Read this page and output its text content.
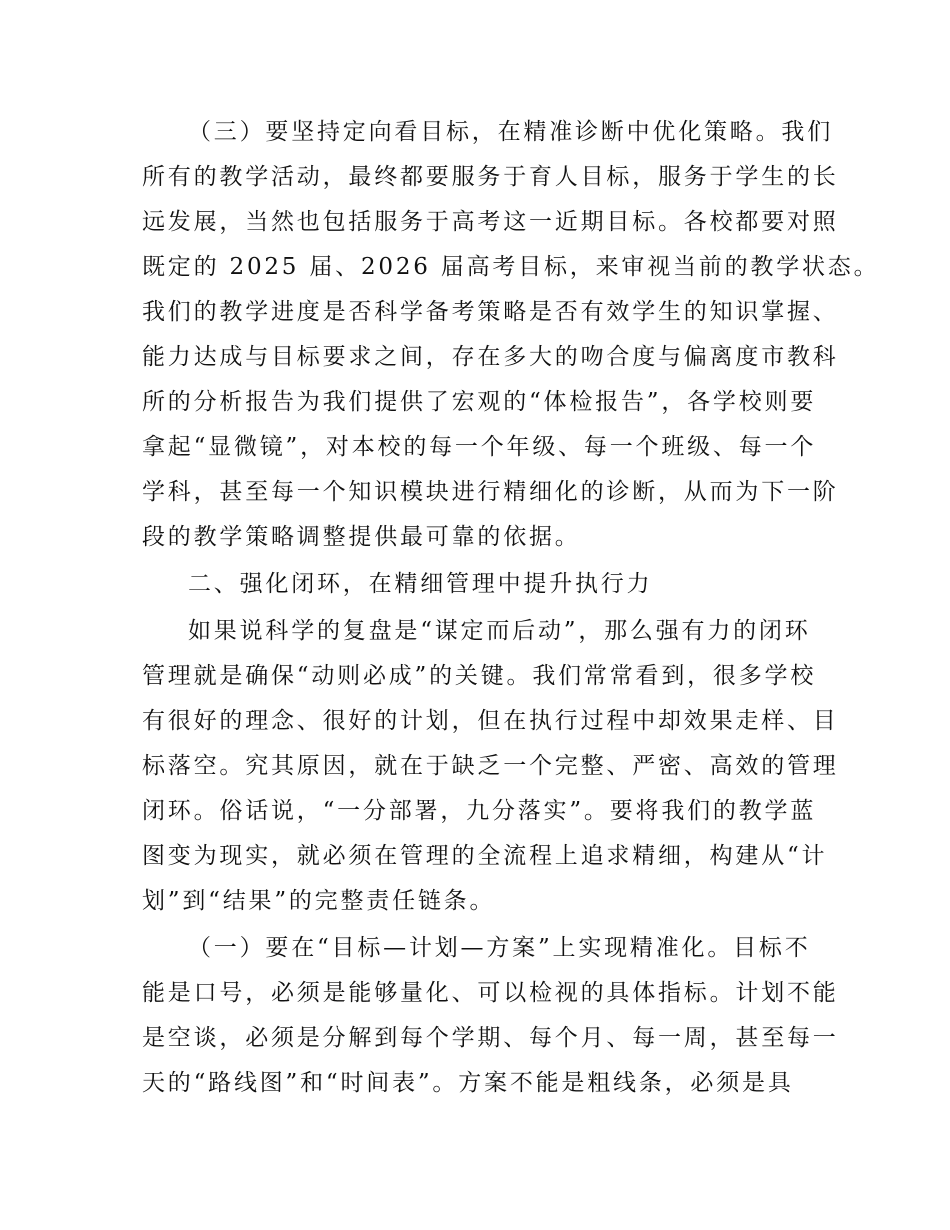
（三）要坚持定向看目标，在精准诊断中优化策略。我们
所有的教学活动，最终都要服务于育人目标，服务于学生的长
远发展，当然也包括服务于高考这一近期目标。各校都要对照
既定的 2025 届、2026 届高考目标，来审视当前的教学状态。
我们的教学进度是否科学备考策略是否有效学生的知识掌握、
能力达成与目标要求之间，存在多大的吻合度与偏离度市教科
所的分析报告为我们提供了宏观的“体检报告”，各学校则要
拿起“显微镜”，对本校的每一个年级、每一个班级、每一个
学科，甚至每一个知识模块进行精细化的诊断，从而为下一阶
段的教学策略调整提供最可靠的依据。
二、强化闭环，在精细管理中提升执行力
如果说科学的复盘是“谋定而后动”，那么强有力的闭环
管理就是确保“动则必成”的关键。我们常常看到，很多学校
有很好的理念、很好的计划，但在执行过程中却效果走样、目
标落空。究其原因，就在于缺乏一个完整、严密、高效的管理
闭环。俗话说，“一分部署，九分落实”。要将我们的教学蓝
图变为现实，就必须在管理的全流程上追求精细，构建从“计
划”到“结果”的完整责任链条。
（一）要在“目标—计划—方案”上实现精准化。目标不
能是口号，必须是能够量化、可以检视的具体指标。计划不能
是空谈，必须是分解到每个学期、每个月、每一周，甚至每一
天的“路线图”和“时间表”。方案不能是粗线条，必须是具
